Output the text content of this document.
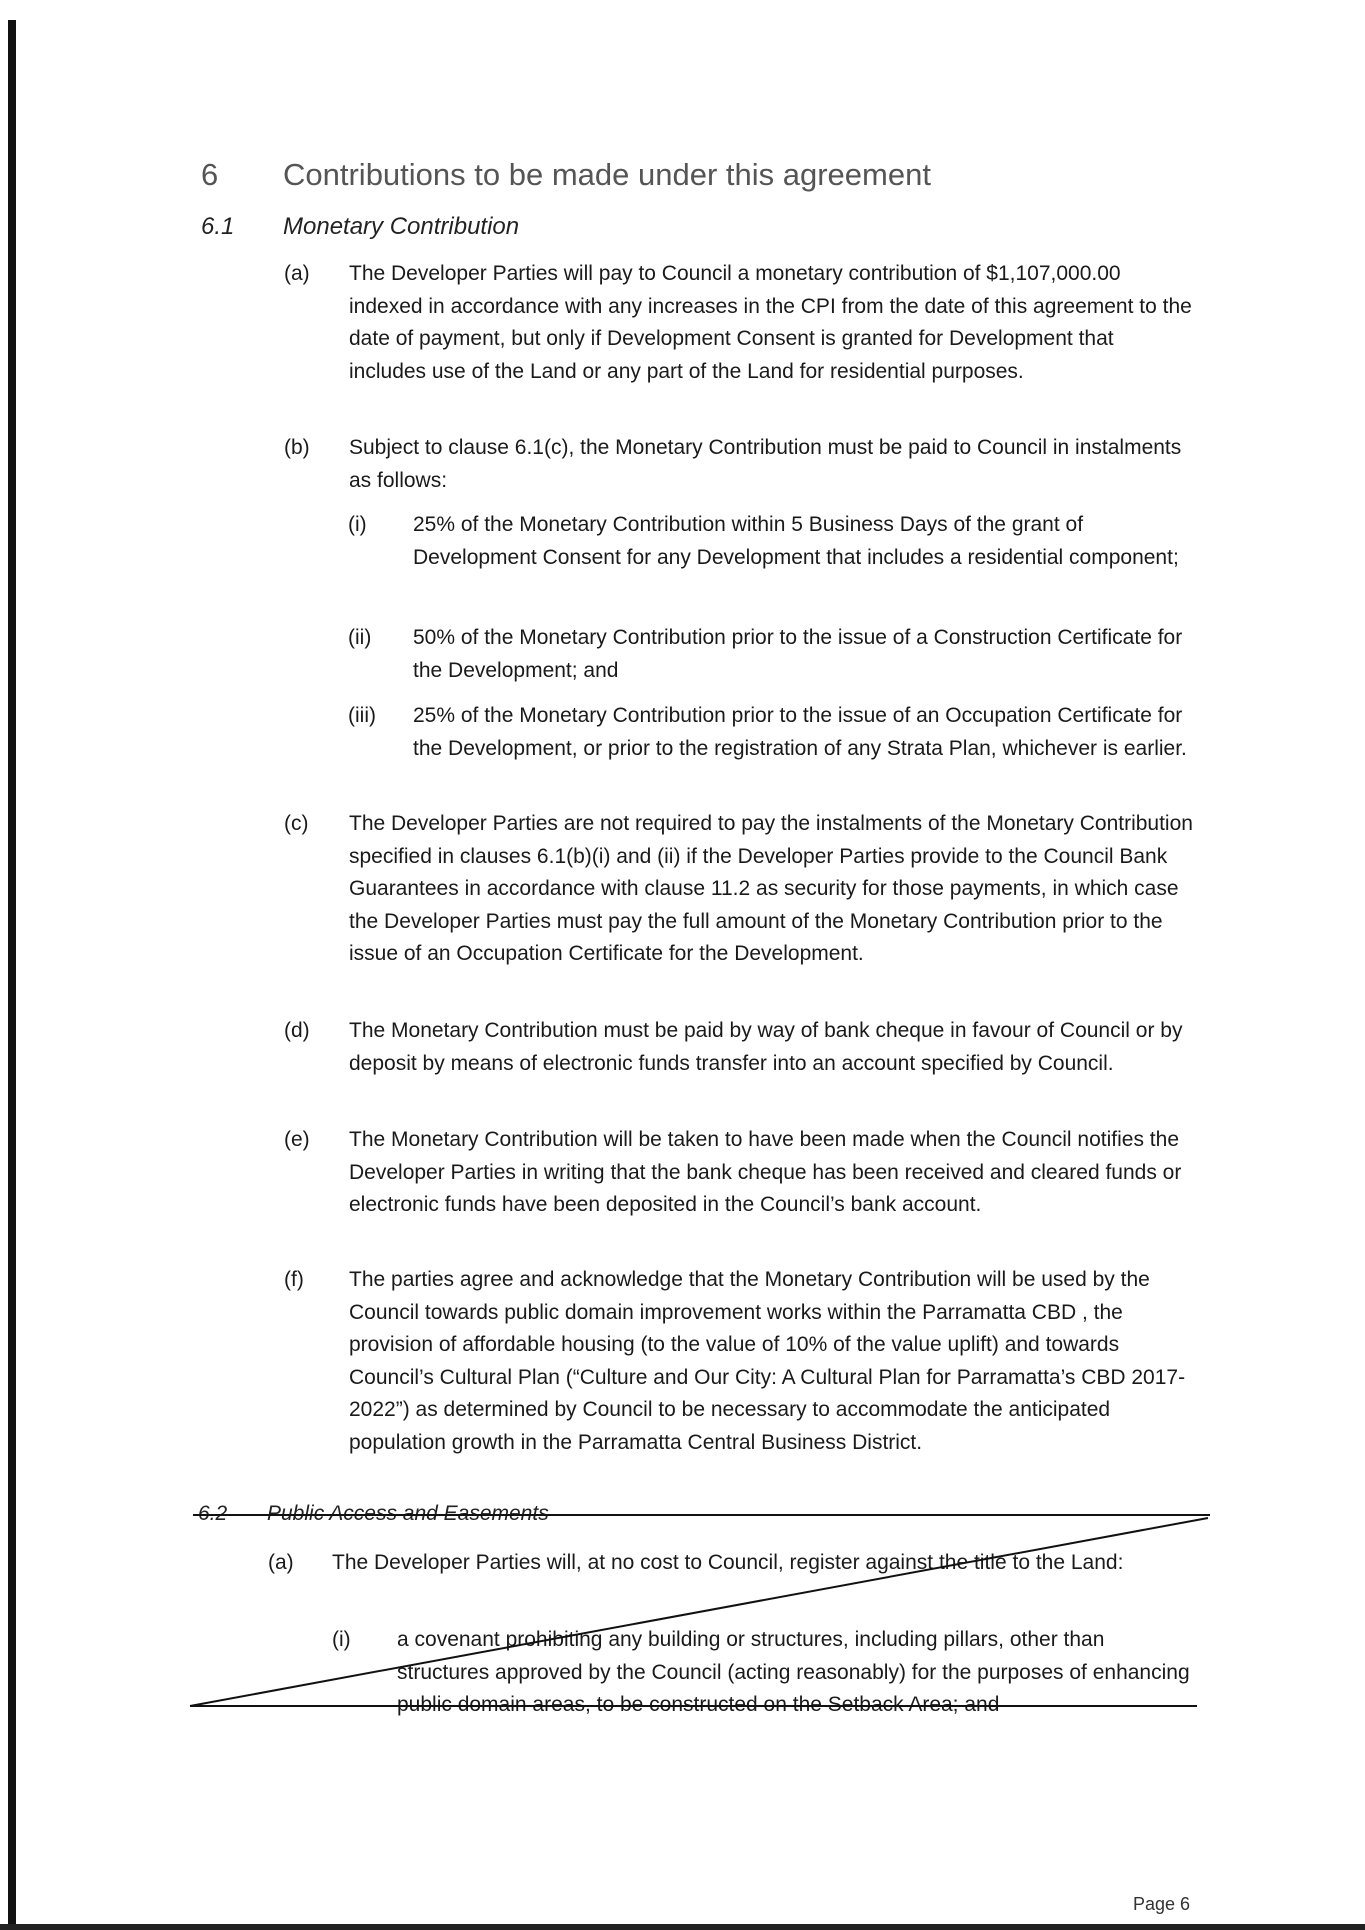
6 Contributions to be made under this agreement
6.1 Monetary Contribution
(a) The Developer Parties will pay to Council a monetary contribution of $1,107,000.00 indexed in accordance with any increases in the CPI from the date of this agreement to the date of payment, but only if Development Consent is granted for Development that includes use of the Land or any part of the Land for residential purposes.
(b) Subject to clause 6.1(c), the Monetary Contribution must be paid to Council in instalments as follows:
(i) 25% of the Monetary Contribution within 5 Business Days of the grant of Development Consent for any Development that includes a residential component;
(ii) 50% of the Monetary Contribution prior to the issue of a Construction Certificate for the Development; and
(iii) 25% of the Monetary Contribution prior to the issue of an Occupation Certificate for the Development, or prior to the registration of any Strata Plan, whichever is earlier.
(c) The Developer Parties are not required to pay the instalments of the Monetary Contribution specified in clauses 6.1(b)(i) and (ii) if the Developer Parties provide to the Council Bank Guarantees in accordance with clause 11.2 as security for those payments, in which case the Developer Parties must pay the full amount of the Monetary Contribution prior to the issue of an Occupation Certificate for the Development.
(d) The Monetary Contribution must be paid by way of bank cheque in favour of Council or by deposit by means of electronic funds transfer into an account specified by Council.
(e) The Monetary Contribution will be taken to have been made when the Council notifies the Developer Parties in writing that the bank cheque has been received and cleared funds or electronic funds have been deposited in the Council’s bank account.
(f) The parties agree and acknowledge that the Monetary Contribution will be used by the Council towards public domain improvement works within the Parramatta CBD , the provision of affordable housing (to the value of 10% of the value uplift) and towards Council’s Cultural Plan (“Culture and Our City: A Cultural Plan for Parramatta’s CBD 2017-2022”) as determined by Council to be necessary to accommodate the anticipated population growth in the Parramatta Central Business District.
6.2 Public Access and Easements
(a) The Developer Parties will, at no cost to Council, register against the title to the Land:
(i) a covenant prohibiting any building or structures, including pillars, other than structures approved by the Council (acting reasonably) for the purposes of enhancing public domain areas, to be constructed on the Setback Area; and
Page 6
